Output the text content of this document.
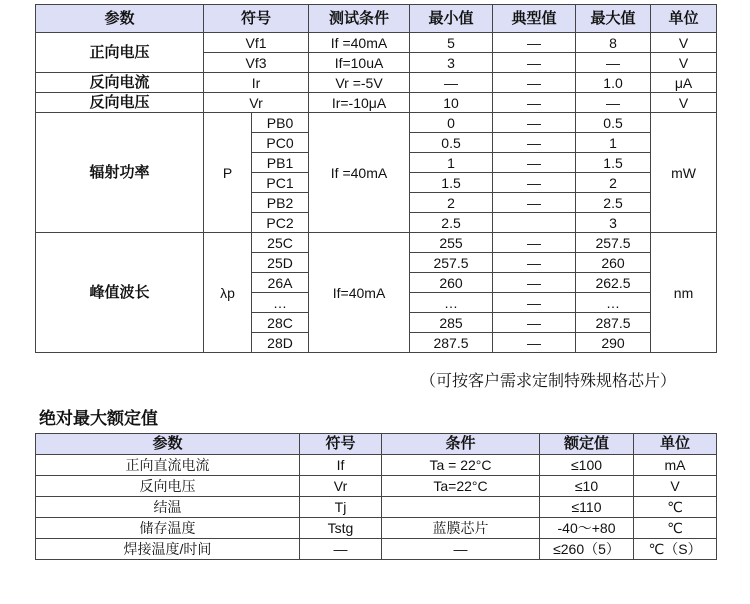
参数	符号		测试条件	最小值	典型值	最大值	单位
正向电压	Vf1		If =40mA	5	—	8	V
	Vf3		If=10uA	3	—	—	V
反向电流	Ir		Vr =-5V	—	—	1.0	μA
反向电压	Vr		Ir=-10μA	10	—	—	V
辐射功率	P	PB0	If =40mA	0	—	0.5	mW
		PC0		0.5	—	1	
		PB1		1	—	1.5	
		PC1		1.5	—	2	
		PB2		2	—	2.5	
		PC2		2.5		3	
峰值波长	λp	25C	If=40mA	255	—	257.5	nm
		25D		257.5	—	260	
		26A		260	—	262.5	
		…		…	—	…	
		28C		285	—	287.5	
		28D		287.5	—	290	
（可按客户需求定制特殊规格芯片）
绝对最大额定值
参数	符号	条件	额定值	单位
正向直流电流	If	Ta = 22°C	≤100	mA
反向电压	Vr	Ta=22°C	≤10	V
结温	Tj		≤110	℃
储存温度	Tstg	蓝膜芯片	-40～+80	℃
焊接温度/时间	—	—	≤260（5）	℃（S）
